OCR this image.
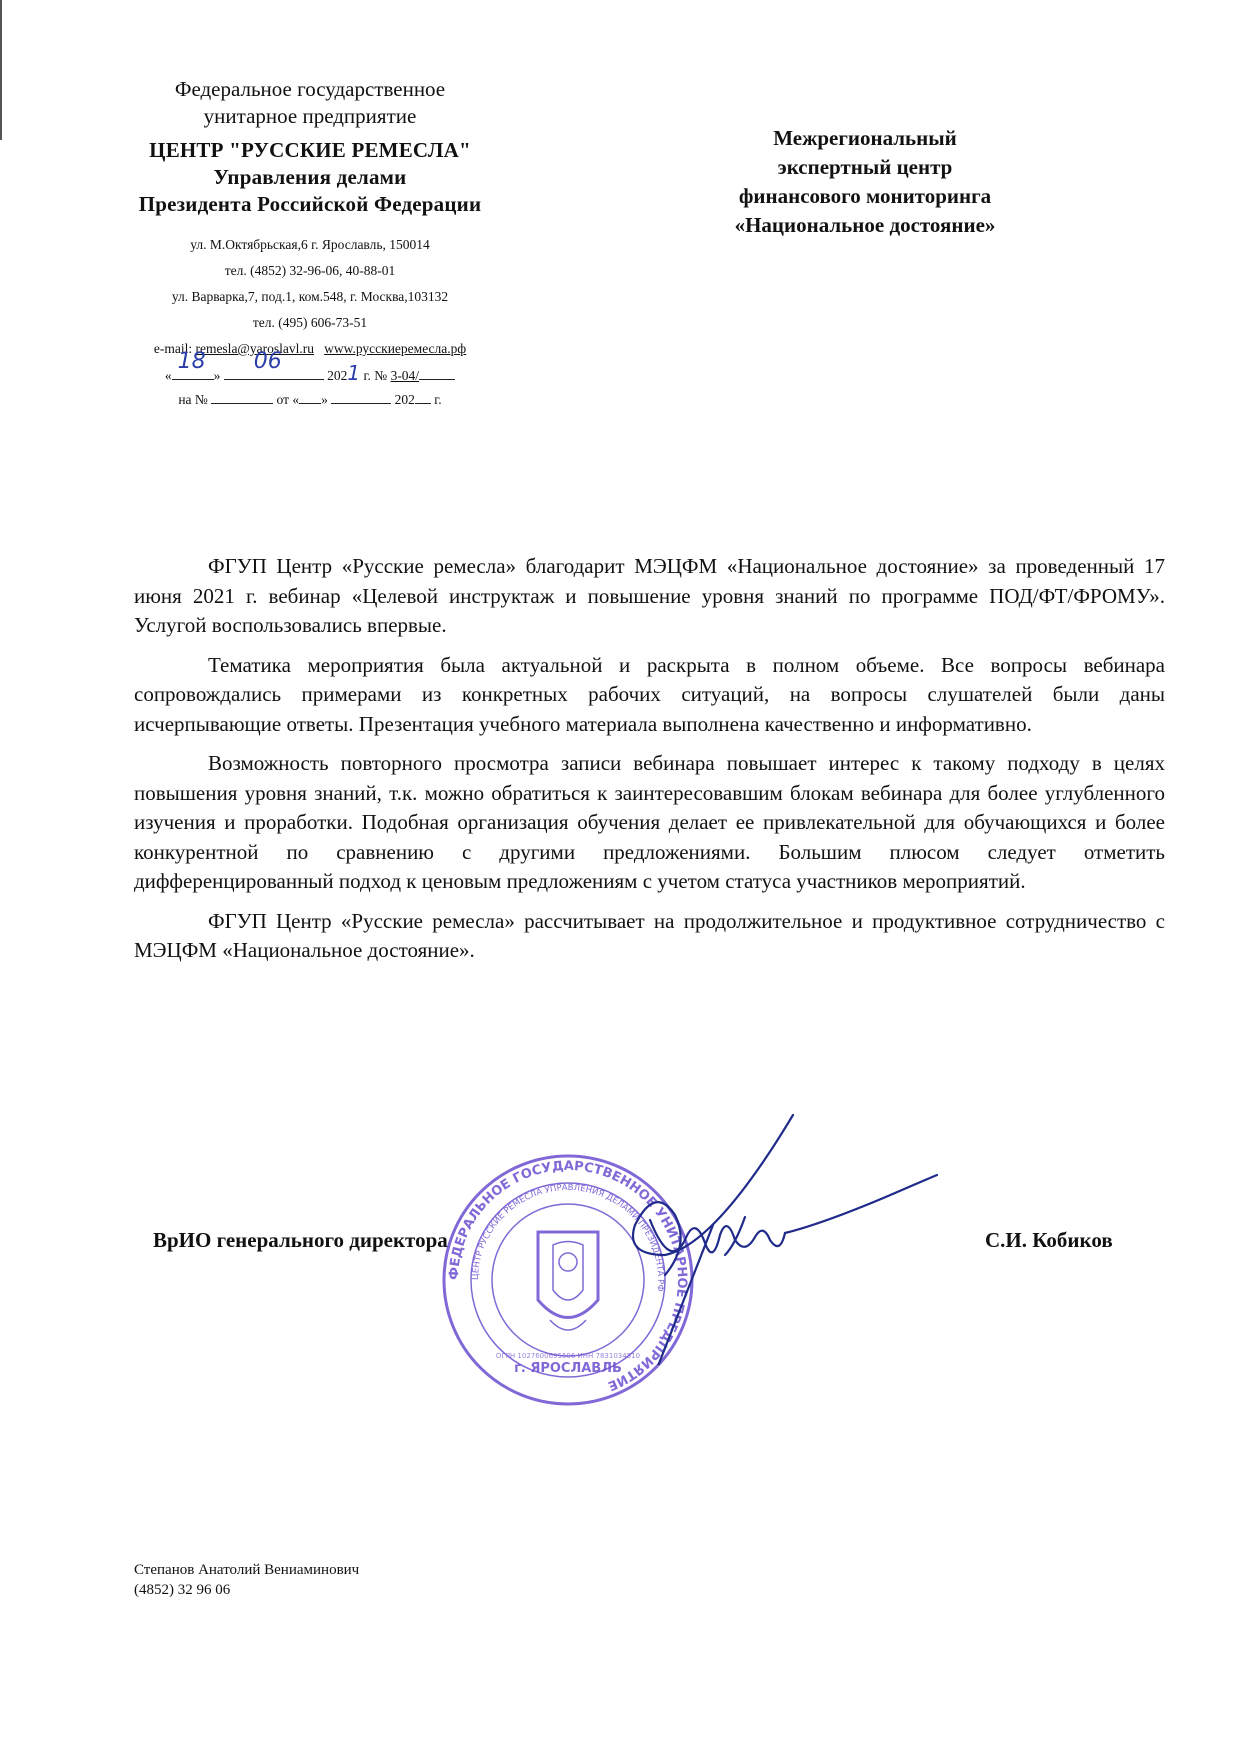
Федеральное государственное
унитарное предприятие
ЦЕНТР "РУССКИЕ РЕМЕСЛА"
Управления делами
Президента Российской Федерации
ул. М.Октябрьская,6 г. Ярославль, 150014
тел. (4852) 32-96-06, 40-88-01
ул. Варварка,7, под.1, ком.548, г. Москва,103132
тел. (495) 606-73-51
e-mail: remesla@yaroslavl.ru www.русскиеремесла.рф
«
18
»
06
2021 г. № 3-04/
на №	от « »	202 г.
Межрегиональный
экспертный центр
финансового мониторинга
«Национальное достояние»

ФГУП Центр «Русские ремесла» благодарит МЭЦФМ «Национальное достояние» за проведенный 17 июня 2021 г. вебинар «Целевой инструктаж и повышение уровня знаний по программе ПОД/ФТ/ФРОМУ». Услугой воспользовались впервые.

Тематика мероприятия была актуальной и раскрыта в полном объеме. Все вопросы вебинара сопровождались примерами из конкретных рабочих ситуаций, на вопросы слушателей были даны исчерпывающие ответы. Презентация учебного материала выполнена качественно и информативно.

Возможность повторного просмотра записи вебинара повышает интерес к такому подходу в целях повышения уровня знаний, т.к. можно обратиться к заинтересовавшим блокам вебинара для более углубленного изучения и проработки. Подобная организация обучения делает ее привлекательной для обучающихся и более конкурентной по сравнению с другими предложениями. Большим плюсом следует отметить дифференцированный подход к ценовым предложениям с учетом статуса участников мероприятий.

ФГУП Центр «Русские ремесла» рассчитывает на продолжительное и продуктивное сотрудничество с МЭЦФМ «Национальное достояние».

ФЕДЕРАЛЬНОЕ ГОСУДАРСТВЕННОЕ УНИТАРНОЕ ПРЕДПРИЯТИЕ
ЦЕНТР РУССКИЕ РЕМЕСЛА УПРАВЛЕНИЯ ДЕЛАМИ ПРЕЗИДЕНТА РФ
г. ЯРОСЛАВЛЬ
ОГРН 1027600695506 ИНН 7831034510
ВрИО генерального директора	С.И. Кобиков
Степанов Анатолий Вениаминович
(4852) 32 96 06
